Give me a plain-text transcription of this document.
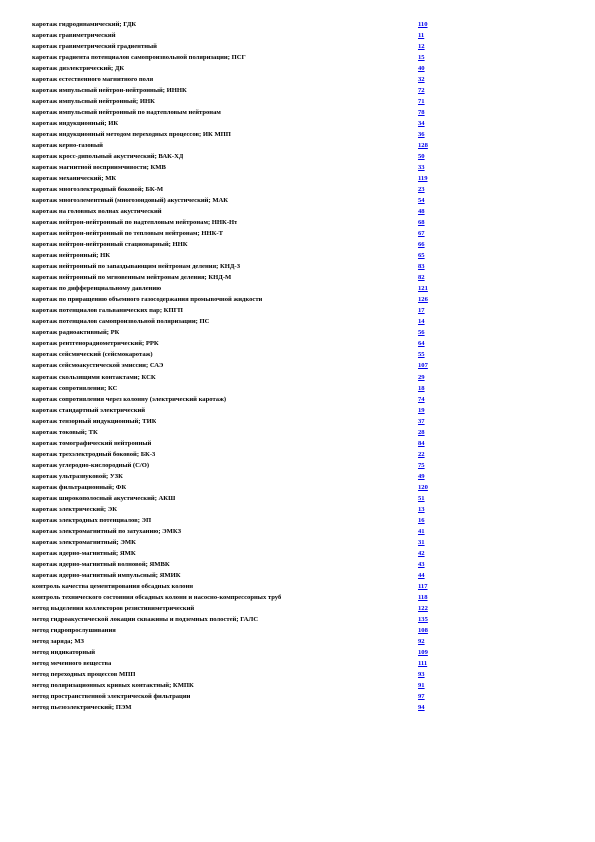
каротаж гидродинамический; ГДК	110
каротаж гравиметрический	11
каротаж гравиметрический градиентный	12
каротаж градиента потенциалов самопроизвольной поляризации; ПСГ	15
каротаж диэлектрический; ДК	40
каротаж естественного магнитного поля	32
каротаж импульсный нейтрон-нейтронный; ИННК	72
каротаж импульсный нейтронный; ИНК	71
каротаж импульсный нейтронный по надтепловым нейтронам	78
каротаж индукционный; ИК	34
каротаж индукционный методом переходных процессов; ИК МПП	36
каротаж керно-газовый	128
каротаж кросс-дипольный акустический; ВАК-ХД	50
каротаж магнитной восприимчивости; КМВ	33
каротаж механический; МК	119
каротаж многоэлектродный боковой; БК-М	23
каротаж многоэлементный (многозондовый) акустический; МАК	54
каротаж на головных волнах акустический	48
каротаж нейтрон-нейтронный по надтепловым нейтронам; ННК-Нт	68
каротаж нейтрон-нейтронный по тепловым нейтронам; ННК-Т	67
каротаж нейтрон-нейтронный стационарный; ННК	66
каротаж нейтронный; НК	65
каротаж нейтронный по запаздывающим нейтронам деления; КНД-З	83
каротаж нейтронный по мгновенным нейтронам деления; КНД-М	82
каротаж по дифференциальному давлению	121
каротаж по приращению объемного газосодержания промывочной жидкости	126
каротаж потенциалов гальванических пар; КПГП	17
каротаж потенциалов самопроизвольной поляризации; ПС	14
каротаж радиоактивный; РК	56
каротаж рентгенорадиометрический; РРК	64
каротаж сейсмический (сейсмокаротаж)	55
каротаж сейсмоакустической эмиссии; САЭ	107
каротаж скользящими контактами; КСК	29
каротаж сопротивления; КС	18
каротаж сопротивления через колонну (электрический каротаж)	74
каротаж стандартный электрический	19
каротаж тензорный индукционный; ТИК	37
каротаж токовый; ТК	28
каротаж томографический нейтронный	84
каротаж трехэлектродный боковой; БК-3	22
каротаж углеродно-кислородный (С/О)	75
каротаж ультразвуковой; УЗК	49
каротаж фильтрационный; ФК	120
каротаж широкополосный акустический; АКШ	51
каротаж электрический; ЭК	13
каротаж электродных потенциалов; ЭП	16
каротаж электромагнитный по затуханию; ЭМКЗ	41
каротаж электромагнитный; ЭМК	31
каротаж ядерно-магнитный; ЯМК	42
каротаж ядерно-магнитный волновой; ЯМВК	43
каротаж ядерно-магнитный импульсный; ЯМИК	44
контроль качества цементирования обсадных колонн	117
контроль технического состояния обсадных колонн и насосно-компрессорных труб	118
метод выделения коллекторов резистивиметрический	122
метод гидроакустической локации скважины и подземных полостей; ГАЛС	135
метод гидропрослушивания	108
метод заряда; МЗ	92
метод индикаторный	109
метод меченного вещества	111
метод переходных процессов МПП	93
метод поляризационных кривых контактный; КМПК	91
метод пространственной электрической фильтрации	97
метод пьезоэлектрический; ПЭМ	94
